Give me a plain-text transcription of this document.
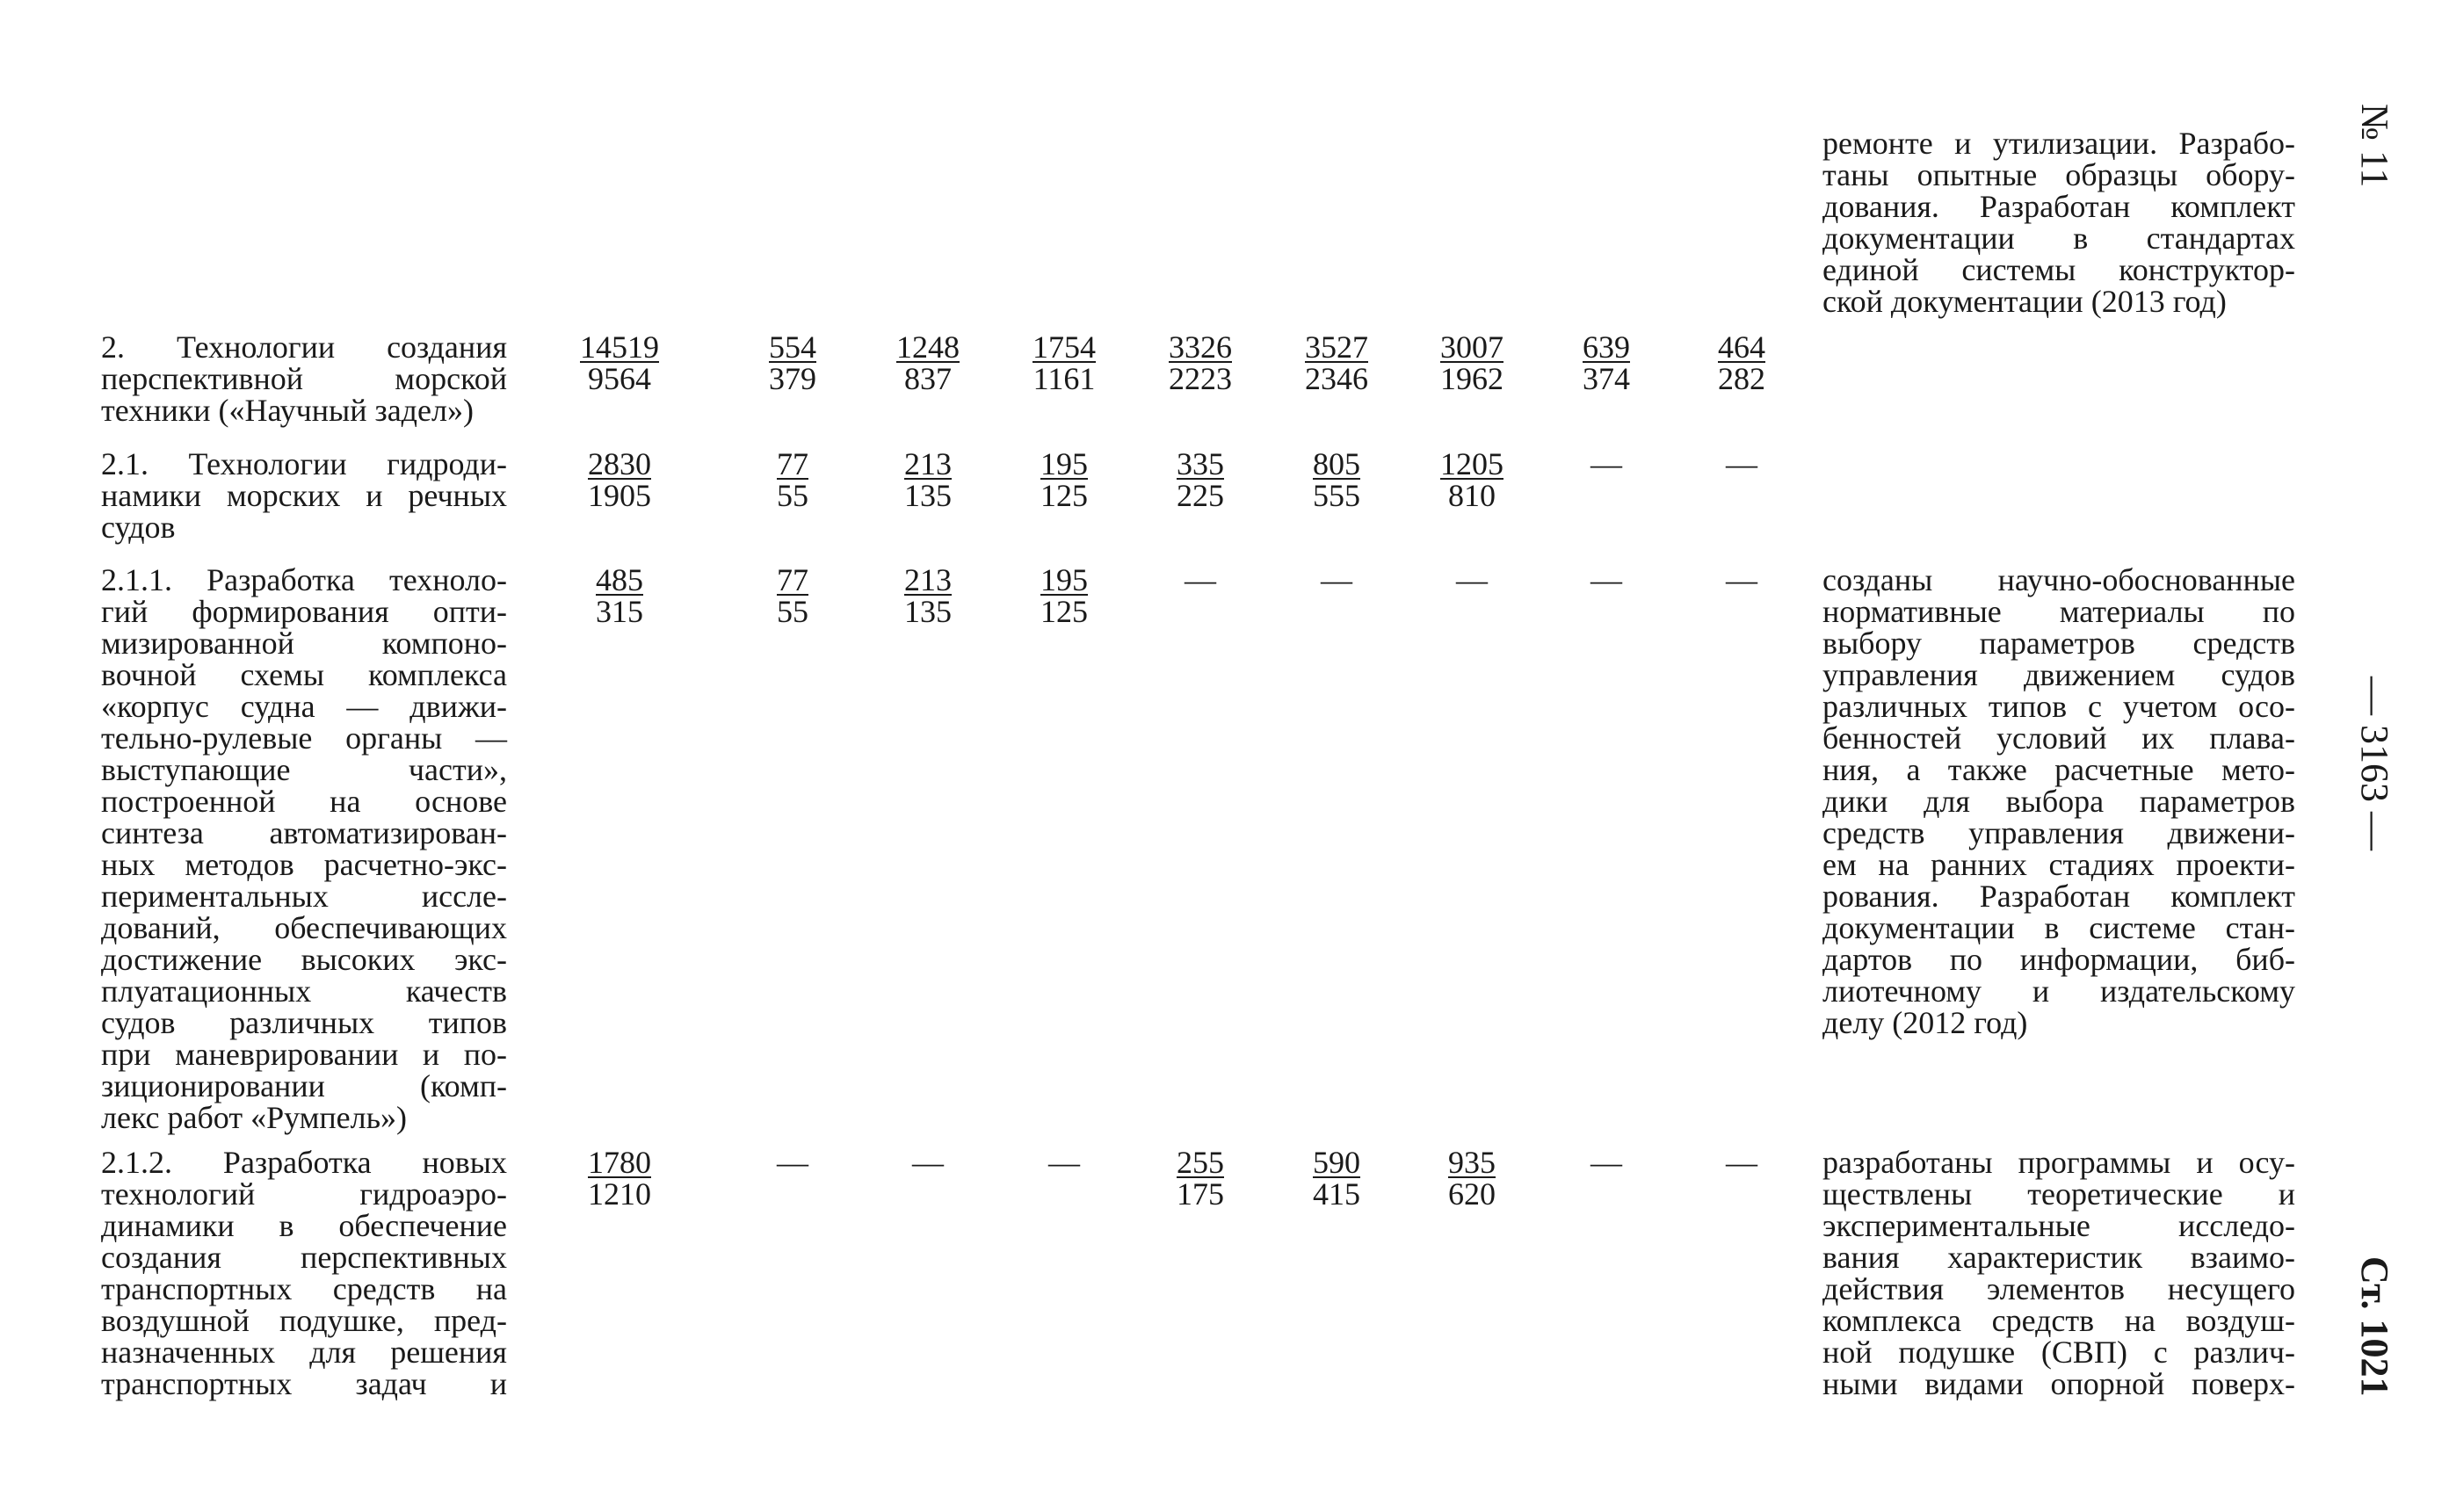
ремонте и утилизации. Разрабо-
таны опытные образцы обору-
дования. Разработан комплект
документации в стандартах
единой системы конструктор-
ской документации (2013 год)
2. Технологии создания
перспективной морской
техники («Научный задел»)
$\frac{14519}{9564} \frac{554}{379} \frac{1248}{837} \frac{1754}{1161} \frac{3326}{2223} \frac{3527}{2346} \frac{3007}{1962} \frac{639}{374} \frac{464}{282}$
2.1. Технологии гидроди-
намики морских и речных
судов
$\frac{2830}{1905} \frac{77}{55} \frac{213}{135} \frac{195}{125} \frac{335}{225} \frac{805}{555} \frac{1205}{810}$	—	—
2.1.1. Разработка техноло-
гий формирования опти-
мизированной компоно-
вочной схемы комплекса
«корпус судна — движи-
тельно-рулевые органы —
выступающие части»,
построенной на основе
синтеза автоматизирован-
ных методов расчетно-экс-
периментальных иссле-
дований, обеспечивающих
достижение высоких экс-
плуатационных качеств
судов различных типов
при маневрировании и по-
зиционировании (комп-
лекс работ «Румпель»)
$\frac{485}{315} \frac{77}{55} \frac{213}{135} \frac{195}{125}$	—	—	—	—	—	созданы научно-обоснованные
нормативные материалы по
выбору параметров средств
управления движением судов
различных типов с учетом осо-
бенностей условий их плава-
ния, а также расчетные мето-
дики для выбора параметров
средств управления движени-
ем на ранних стадиях проекти-
рования. Разработан комплект
документации в системе стан-
дартов по информации, биб-
лиотечному и издательскому
делу (2012 год)
2.1.2. Разработка новых
технологий гидроаэро-
динамики в обеспечение
создания перспективных
транспортных средств на
воздушной подушке, пред-
назначенных для решения
транспортных задач и
$\frac{1780}{1210}$	—	—	—	$\frac{255}{175} \frac{590}{415} \frac{935}{620}$	—	—	разработаны программы и осу-
ществлены теоретические и
экспериментальные исследо-
вания характеристик взаимо-
действия элементов несущего
комплекса средств на воздуш-
ной подушке (СВП) с различ-
ными видами опорной поверх-
№ 11
— 3163 —
Ст. 1021
